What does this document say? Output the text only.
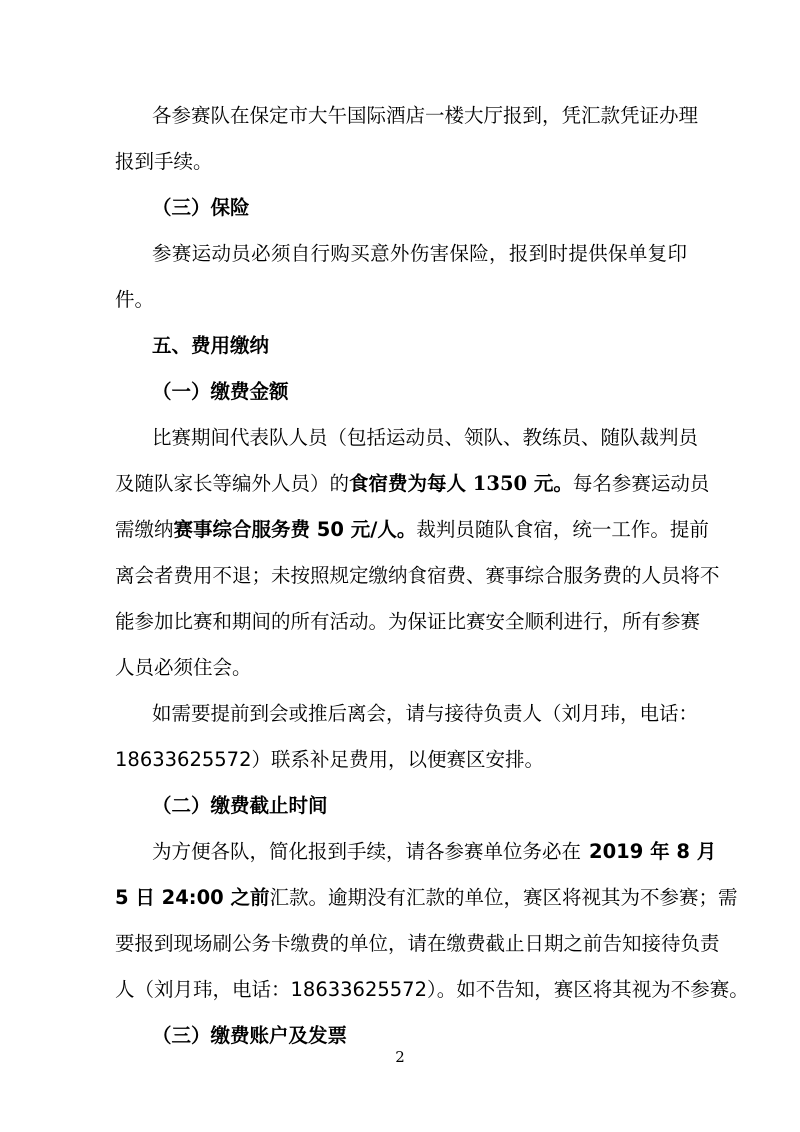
各参赛队在保定市大午国际酒店一楼大厅报到，凭汇款凭证办理
报到手续。
（三）保险
参赛运动员必须自行购买意外伤害保险，报到时提供保单复印
件。
五、费用缴纳
（一）缴费金额
比赛期间代表队人员（包括运动员、领队、教练员、随队裁判员
及随队家长等编外人员）的食宿费为每人 1350 元。每名参赛运动员
需缴纳赛事综合服务费 50 元/人。裁判员随队食宿，统一工作。提前
离会者费用不退；未按照规定缴纳食宿费、赛事综合服务费的人员将不
能参加比赛和期间的所有活动。为保证比赛安全顺利进行，所有参赛
人员必须住会。
如需要提前到会或推后离会，请与接待负责人（刘月玮，电话：
18633625572）联系补足费用，以便赛区安排。
（二）缴费截止时间
为方便各队，简化报到手续，请各参赛单位务必在 2019 年 8 月
5 日 24:00 之前汇款。逾期没有汇款的单位，赛区将视其为不参赛；需
要报到现场刷公务卡缴费的单位，请在缴费截止日期之前告知接待负责
人（刘月玮，电话：18633625572）。如不告知，赛区将其视为不参赛。
（三）缴费账户及发票
2
